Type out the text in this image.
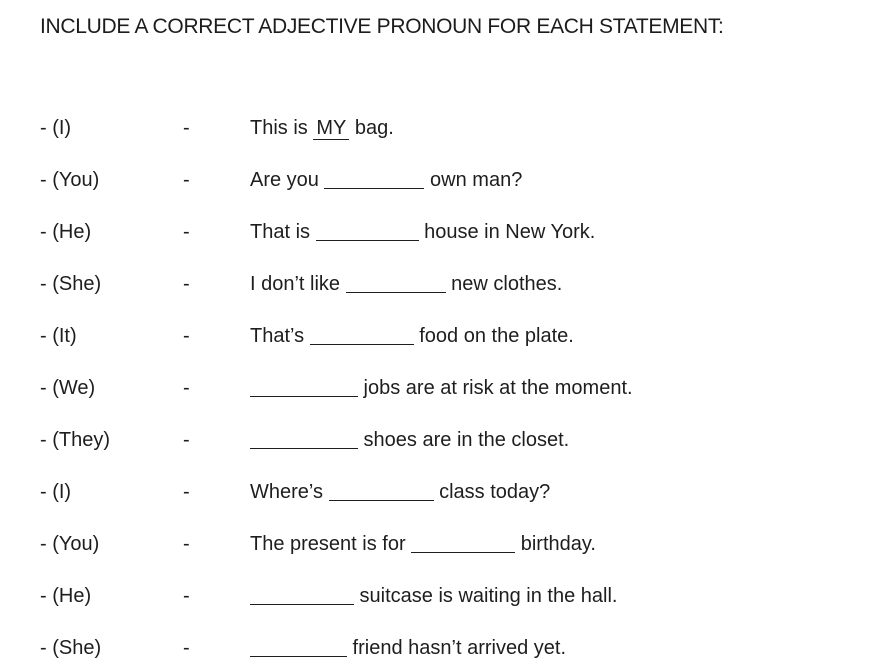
INCLUDE A CORRECT ADJECTIVE PRONOUN FOR EACH STATEMENT:
- (I)	-	This is MY bag.
- (You)	-	Are you	own man?
- (He)	-	That is	house in New York.
- (She)	-	I don’t like	new clothes.
- (It)	-	That’s	food on the plate.
- (We)	-	jobs are at risk at the moment.
- (They)	-	shoes are in the closet.
- (I)	-	Where’s	class today?
- (You)	-	The present is for	birthday.
- (He)	-	suitcase is waiting in the hall.
- (She)	-	friend hasn’t arrived yet.
